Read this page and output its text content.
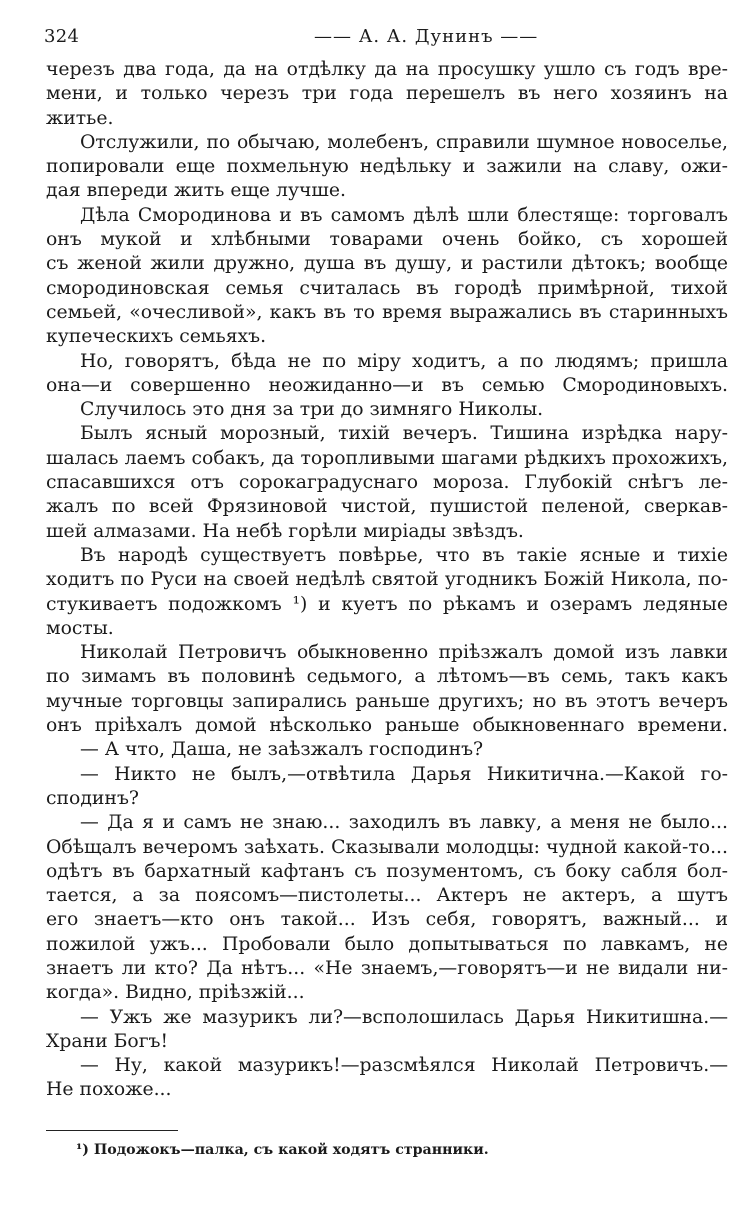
324	—— А. А. Дунинъ ——
черезъ два года, да на отдѣлку да на просушку ушло съ годъ вре-
мени, и только черезъ три года перешелъ въ него хозяинъ на
житье.
Отслужили, по обычаю, молебенъ, справили шумное новоселье,
попировали еще похмельную недѣльку и зажили на славу, ожи-
дая впереди жить еще лучше.
Дѣла Смородинова и въ самомъ дѣлѣ шли блестяще: торговалъ
онъ мукой и хлѣбными товарами очень бойко, съ хорошей
съ женой жили дружно, душа въ душу, и растили дѣтокъ; вообще
смородиновская семья считалась въ городѣ примѣрной, тихой
семьей, «очесливой», какъ въ то время выражались въ старинныхъ
купеческихъ семьяхъ.
Но, говорятъ, бѣда не по міру ходитъ, а по людямъ; пришла
она—и совершенно неожиданно—и въ семью Смородиновыхъ.
Случилось это дня за три до зимняго Николы.
Былъ ясный морозный, тихій вечеръ. Тишина изрѣдка нару-
шалась лаемъ собакъ, да торопливыми шагами рѣдкихъ прохожихъ,
спасавшихся отъ сорокаградуснаго мороза. Глубокій снѣгъ ле-
жалъ по всей Фрязиновой чистой, пушистой пеленой, сверкав-
шей алмазами. На небѣ горѣли миріады звѣздъ.
Въ народѣ существуетъ повѣрье, что въ такіе ясные и тихіе
ходитъ по Руси на своей недѣлѣ святой угодникъ Божій Никола, по-
стукиваетъ подожкомъ ¹) и куетъ по рѣкамъ и озерамъ ледяные
мосты.
Николай Петровичъ обыкновенно пріѣзжалъ домой изъ лавки
по зимамъ въ половинѣ седьмого, а лѣтомъ—въ семь, такъ какъ
мучные торговцы запирались раньше другихъ; но въ этотъ вечеръ
онъ пріѣхалъ домой нѣсколько раньше обыкновеннаго времени.
— А что, Даша, не заѣзжалъ господинъ?
— Никто не былъ,—отвѣтила Дарья Никитична.—Какой го-
сподинъ?
— Да я и самъ не знаю... заходилъ въ лавку, а меня не было...
Обѣщалъ вечеромъ заѣхать. Сказывали молодцы: чудной какой-то...
одѣтъ въ бархатный кафтанъ съ позументомъ, съ боку сабля бол-
тается, а за поясомъ—пистолеты... Актеръ не актеръ, а шутъ
его знаетъ—кто онъ такой... Изъ себя, говорятъ, важный... и
пожилой ужъ... Пробовали было допытываться по лавкамъ, не
знаетъ ли кто? Да нѣтъ... «Не знаемъ,—говорятъ—и не видали ни-
когда». Видно, пріѣзжій...
— Ужъ же мазурикъ ли?—всполошилась Дарья Никитишна.—
Храни Богъ!
— Ну, какой мазурикъ!—разсмѣялся Николай Петровичъ.—
Не похоже...
¹) Подожокъ—палка, съ какой ходятъ странники.
